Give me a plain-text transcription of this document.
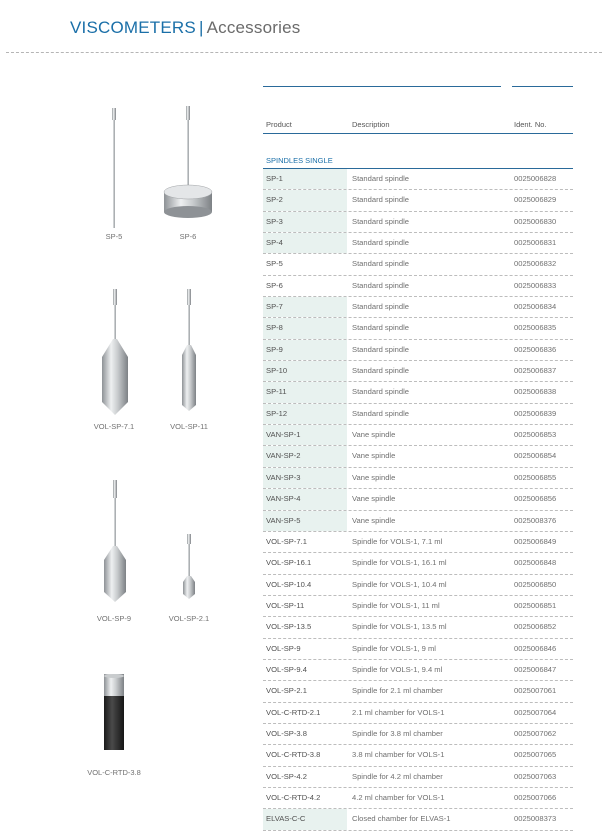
VISCOMETERS | Accessories
SP-5	SP-6
VOL-SP-7.1	VOL-SP-11
VOL-SP-9	VOL-SP-2.1
VOL-C-RTD-3.8
Product	Description	Ident. No.
SPINDLES SINGLE
SP-1	Standard spindle	0025006828
SP-2	Standard spindle	0025006829
SP-3	Standard spindle	0025006830
SP-4	Standard spindle	0025006831
SP-5	Standard spindle	0025006832
SP-6	Standard spindle	0025006833
SP-7	Standard spindle	0025006834
SP-8	Standard spindle	0025006835
SP-9	Standard spindle	0025006836
SP-10	Standard spindle	0025006837
SP-11	Standard spindle	0025006838
SP-12	Standard spindle	0025006839
VAN-SP-1	Vane spindle	0025006853
VAN-SP-2	Vane spindle	0025006854
VAN-SP-3	Vane spindle	0025006855
VAN-SP-4	Vane spindle	0025006856
VAN-SP-5	Vane spindle	0025008376
VOL-SP-7.1	Spindle for VOLS-1, 7.1 ml	0025006849
VOL-SP-16.1	Spindle for VOLS-1, 16.1 ml	0025006848
VOL-SP-10.4	Spindle for VOLS-1, 10.4 ml	0025006850
VOL-SP-11	Spindle for VOLS-1, 11 ml	0025006851
VOL-SP-13.5	Spindle for VOLS-1, 13.5 ml	0025006852
VOL-SP-9	Spindle for VOLS-1, 9 ml	0025006846
VOL-SP-9.4	Spindle for VOLS-1, 9.4 ml	0025006847
VOL-SP-2.1	Spindle for 2.1 ml chamber	0025007061
VOL-C-RTD-2.1	2.1 ml chamber for VOLS-1	0025007064
VOL-SP-3.8	Spindle for 3.8 ml chamber	0025007062
VOL-C-RTD-3.8	3.8 ml chamber for VOLS-1	0025007065
VOL-SP-4.2	Spindle for 4.2 ml chamber	0025007063
VOL-C-RTD-4.2	4.2 ml chamber for VOLS-1	0025007066
ELVAS-C-C	Closed chamber for ELVAS-1	0025008373
